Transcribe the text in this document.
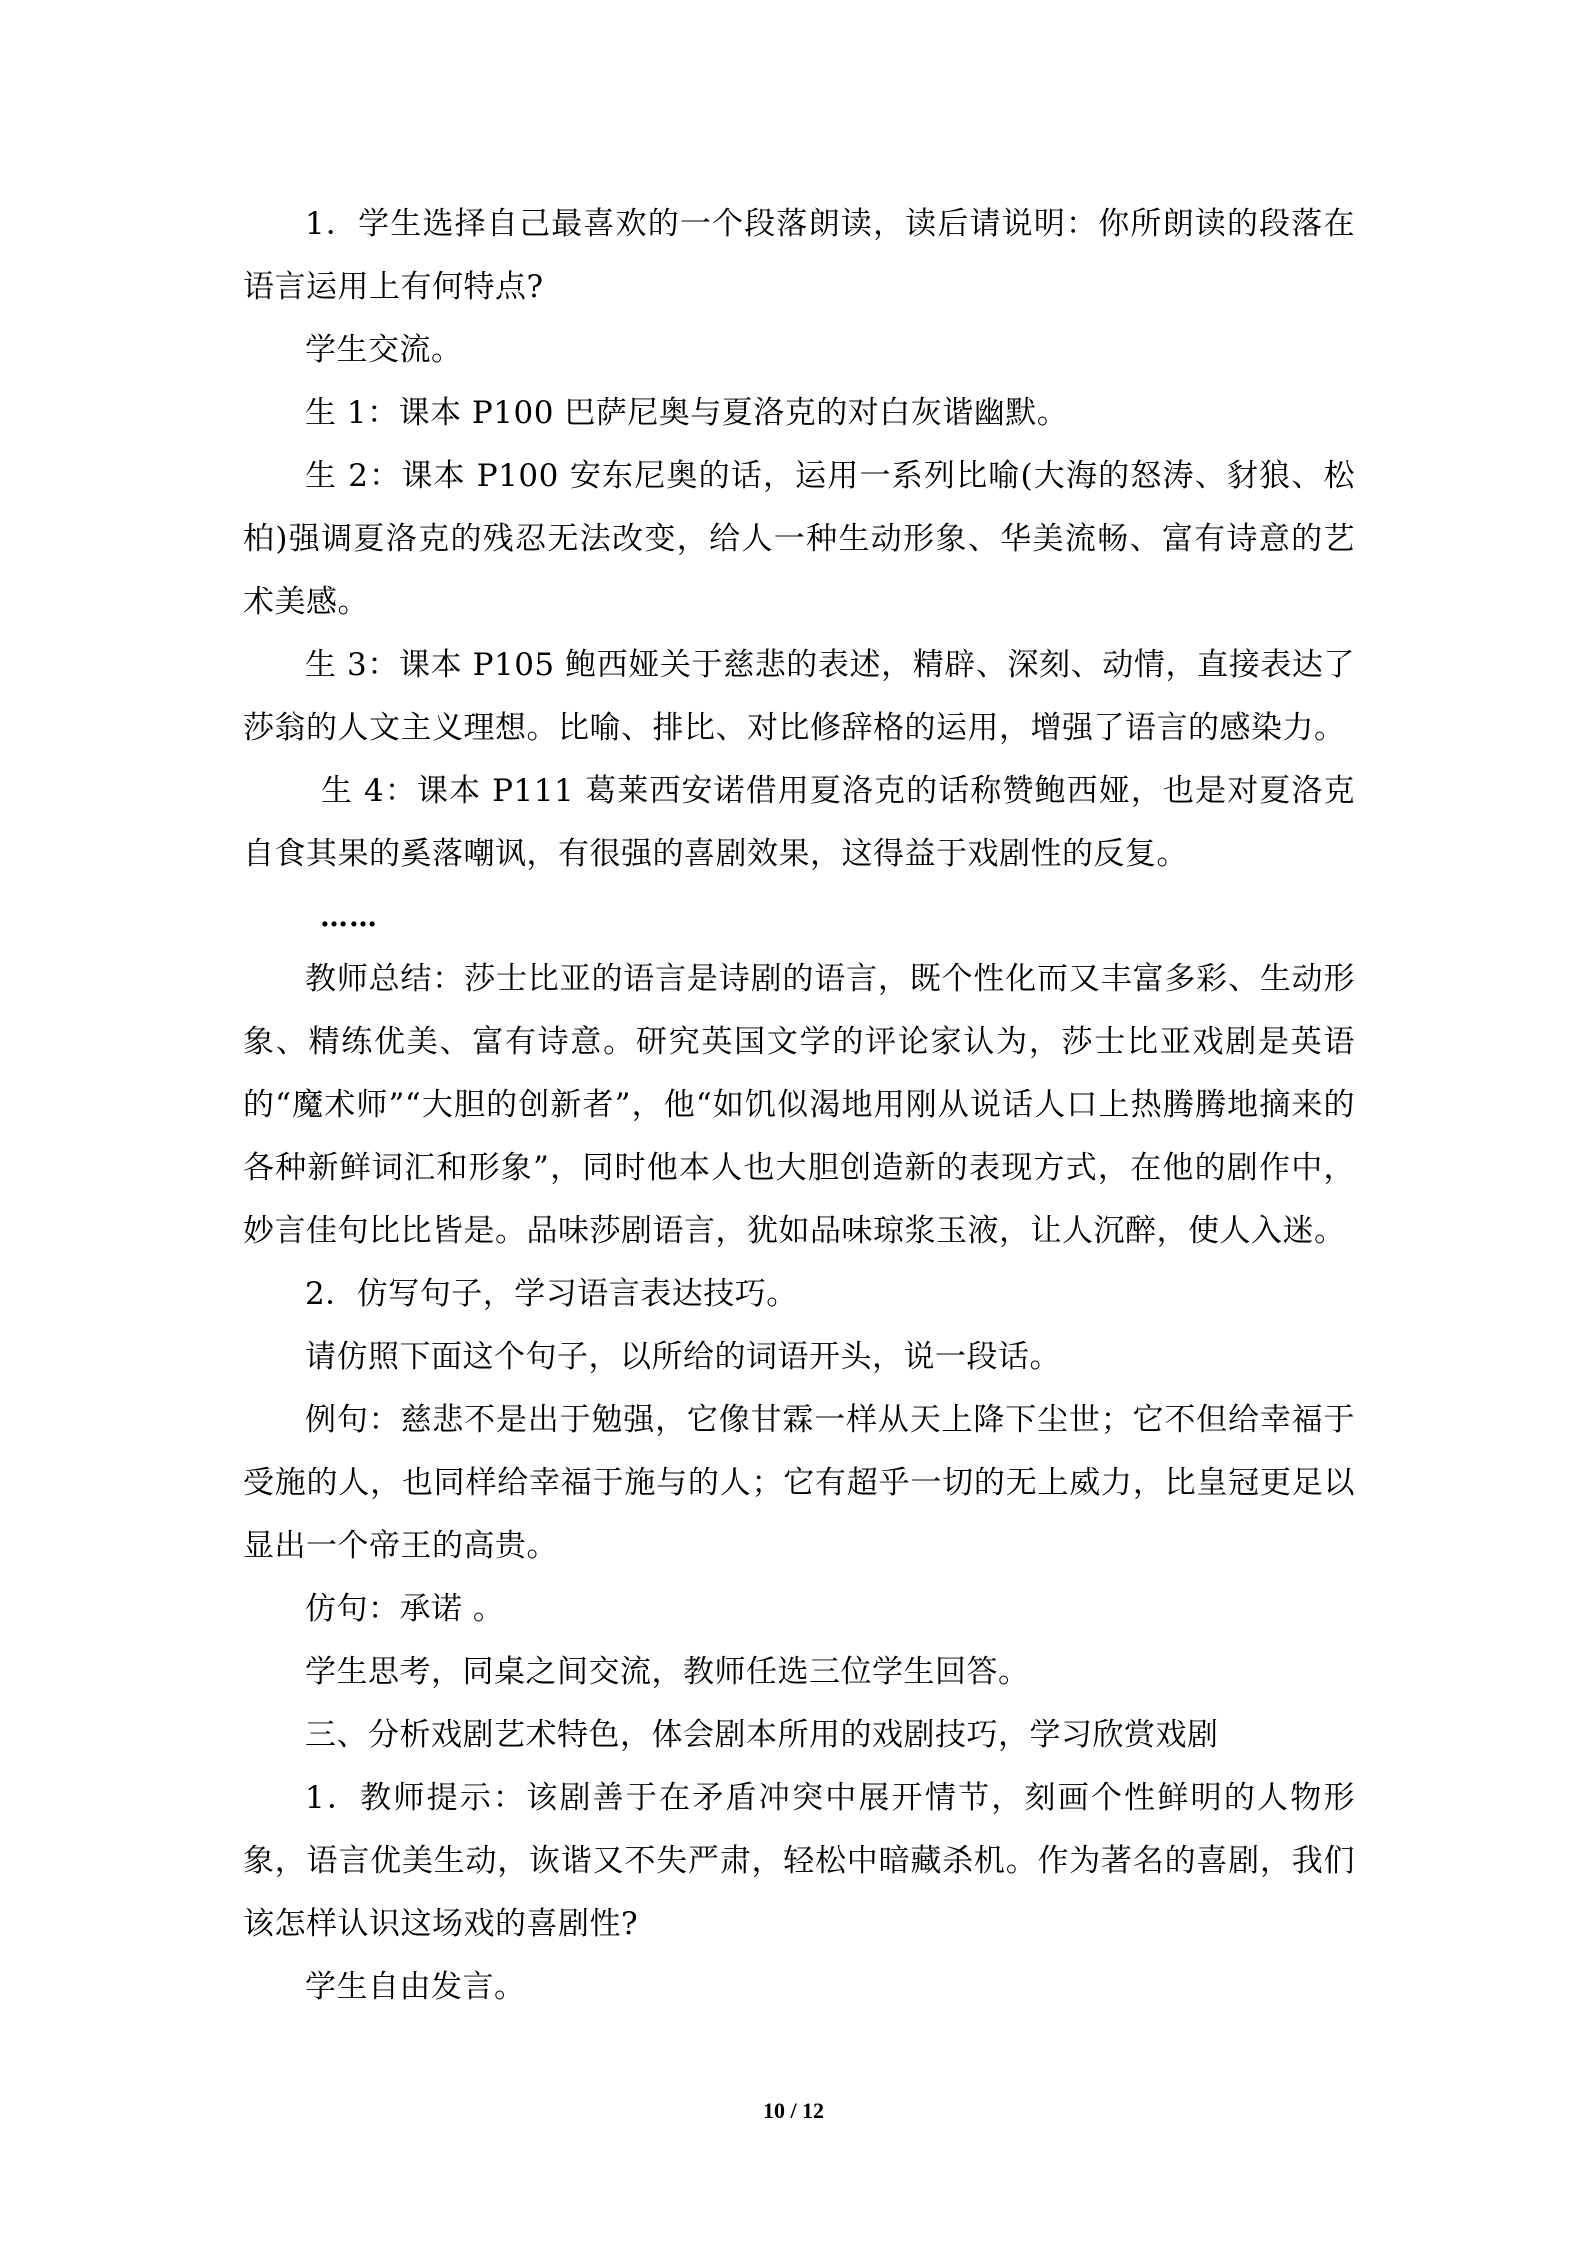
1．学生选择自己最喜欢的一个段落朗读，读后请说明：你所朗读的段落在语言运用上有何特点?

学生交流。

生 1：课本 P100 巴萨尼奥与夏洛克的对白灰谐幽默。

生 2：课本 P100 安东尼奥的话，运用一系列比喻(大海的怒涛、豺狼、松柏)强调夏洛克的残忍无法改变，给人一种生动形象、华美流畅、富有诗意的艺术美感。

生 3：课本 P105 鲍西娅关于慈悲的表述，精辟、深刻、动情，直接表达了莎翁的人文主义理想。比喻、排比、对比修辞格的运用，增强了语言的感染力。

生 4：课本 P111 葛莱西安诺借用夏洛克的话称赞鲍西娅，也是对夏洛克自食其果的奚落嘲讽，有很强的喜剧效果，这得益于戏剧性的反复。

……

教师总结：莎士比亚的语言是诗剧的语言，既个性化而又丰富多彩、生动形象、精练优美、富有诗意。研究英国文学的评论家认为，莎士比亚戏剧是英语的“魔术师”“大胆的创新者”，他“如饥似渴地用刚从说话人口上热腾腾地摘来的各种新鲜词汇和形象”，同时他本人也大胆创造新的表现方式，在他的剧作中，妙言佳句比比皆是。品味莎剧语言，犹如品味琼浆玉液，让人沉醉，使人入迷。

2．仿写句子，学习语言表达技巧。

请仿照下面这个句子，以所给的词语开头，说一段话。

例句：慈悲不是出于勉强，它像甘霖一样从天上降下尘世；它不但给幸福于受施的人，也同样给幸福于施与的人；它有超乎一切的无上威力，比皇冠更足以显出一个帝王的高贵。

仿句：承诺 。

学生思考，同桌之间交流，教师任选三位学生回答。

三、分析戏剧艺术特色，体会剧本所用的戏剧技巧，学习欣赏戏剧

1．教师提示：该剧善于在矛盾冲突中展开情节，刻画个性鲜明的人物形象，语言优美生动，诙谐又不失严肃，轻松中暗藏杀机。作为著名的喜剧，我们该怎样认识这场戏的喜剧性?

学生自由发言。

10 / 12
